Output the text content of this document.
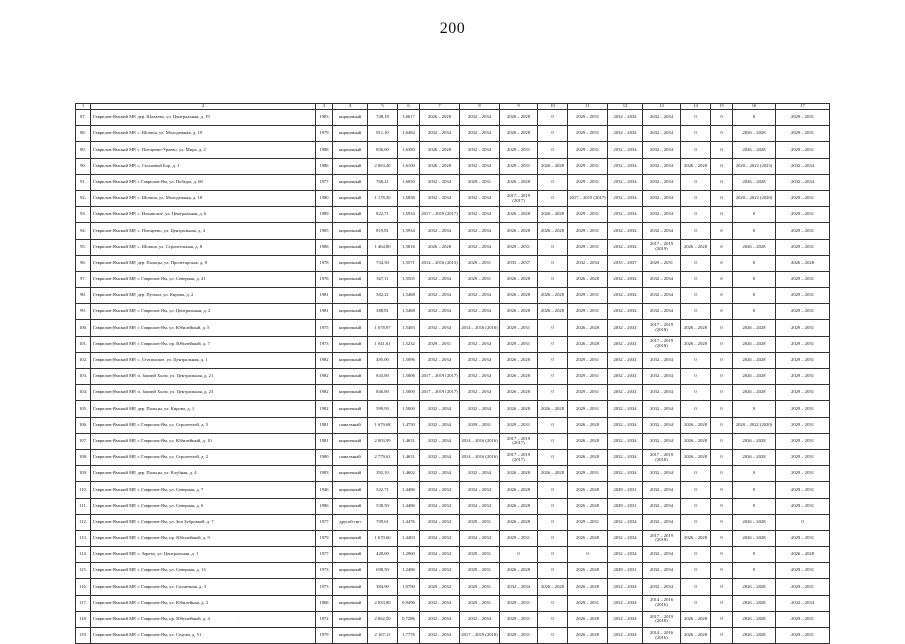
200
1	2	3	4	5	6	7	8	9	10	11	12	13	14	15	16	17
87.	Гаврилов-Ямский МР, дер. Шалаево, ул. Центральная, д. 19	1983	кирпичный	748,18	1,6617	2026 – 2028	2032 – 2034	2026 – 2028	0	2029 – 2031	2032 – 2034	2032 – 2034	0	0	0	2029 – 2031
88.	Гаврилов-Ямский МР, с. Шопша, ул. Молодежная, д. 19	1979	кирпичный	811,10	1,6484	2032 – 2034	2032 – 2034	2026 – 2028	0	2029 – 2031	2032 – 2034	2032 – 2034	0	0	2026 – 2028	2029 – 2031
89.	Гаврилов-Ямский МР, с. Плещеево-Ураево, ул. Мира, д. 2	1988	кирпичный	836,00	1,6380	2026 – 2028	2032 – 2034	2029 – 2031	0	2029 – 2031	2032 – 2034	2032 – 2034	0	0	2026 – 2028	2029 – 2031
90.	Гаврилов-Ямский МР, с. Сосновый Бор, д. 3	1986	кирпичный	2 063,40	1,6100	2026 – 2028	2032 – 2034	2029 – 2031	2026 – 2028	2029 – 2031	2032 – 2034	2032 – 2034	2026 – 2028	0	2020 – 2022 (2023)	2032 – 2034
91.	Гаврилов-Ямский МР, г. Гаврилов-Ям, ул. Победы, д. 68	1977	кирпичный	768,21	1,6050	2032 – 2034	2029 – 2031	2026 – 2028	0	2029 – 2031	2032 – 2034	2032 – 2034	0	0	2026 – 2028	2032 – 2034
92.	Гаврилов-Ямский МР, с. Шопша, ул. Молодежная, д. 18	1980	кирпичный	1 178,30	1,5838	2032 – 2034	2032 – 2034	2017 – 2019 (2017)	0	2017 – 2019 (2017)	2032 – 2034	2032 – 2034	0	0	2020 – 2022 (2020)	2029 – 2031
93.	Гаврилов-Ямский МР, с. Ильинское, ул. Центральная, д. 6	1989	кирпичный	822,71	1,5934	2017 – 2019 (2017)	2032 – 2034	2026 – 2028	2026 – 2028	2029 – 2031	2032 – 2034	2032 – 2034	0	0	0	2029 – 2031
94.	Гаврилов-Ямский МР, с. Плещеево, ул. Центральная, д. 4	1985	кирпичный	819,81	1,5934	2032 – 2034	2032 – 2034	2026 – 2028	2026 – 2028	2029 – 2031	2032 – 2034	2032 – 2034	0	0	0	2029 – 2031
95.	Гаврилов-Ямский МР, с. Шопша, ул. Строительная, д. 8	1986	кирпичный	1 464,80	1,5816	2026 – 2028	2032 – 2034	2029 – 2031	0	2029 – 2031	2032 – 2034	2017 – 2019 (2019)	2026 – 2028	0	2026 – 2028	2029 – 2031
96.	Гаврилов-Ямский МР, дер. Пальцы, ул. Пролетарская, д. 8	1978	кирпичный	734,50	1,5571	2014 – 2016 (2015)	2029 – 2031	2035 – 2037	0	2032 – 2034	2035 – 2037	2029 – 2031	0	0	0	2026 – 2028
97.	Гаврилов-Ямский МР, г. Гаврилов-Ям, ул. Северная, д. 41	1976	кирпичный	367,11	1,5505	2032 – 2034	2029 – 2031	2026 – 2028	0	2026 – 2028	2032 – 2034	2032 – 2034	0	0	0	2029 – 2031
98.	Гаврилов-Ямский МР, дер. Путьки, ул. Кирова, д. 2	1981	кирпичный	582,21	1,5468	2032 – 2034	2032 – 2034	2026 – 2028	2026 – 2028	2029 – 2031	2032 – 2034	2032 – 2034	0	0	0	2029 – 2031
99.	Гаврилов-Ямский МР, г. Гаврилов-Ям, ул. Центральная, д. 2	1981	кирпичный	388,81	1,5468	2032 – 2034	2032 – 2034	2026 – 2028	2026 – 2028	2029 – 2031	2032 – 2034	2032 – 2034	0	0	0	2029 – 2031
100.	Гаврилов-Ямский МР, г. Гаврилов-Ям, ул. Юбилейный, д. 5	1975	кирпичный	1 678,97	1,5483	2032 – 2034	2014 – 2016 (2016)	2029 – 2031	0	2026 – 2028	2032 – 2034	2017 – 2019 (2018)	2026 – 2028	0	2026 – 2028	2029 – 2031
101.	Гаврилов-Ямский МР, г. Гаврилов-Ям, пр. Юбилейный, д. 7	1973	кирпичный	1 041,61	1,5232	2029 – 2031	2032 – 2034	2029 – 2031	0	2026 – 2028	2032 – 2034	2017 – 2019 (2018)	2026 – 2028	0	2026 – 2028	2029 – 2031
102.	Гаврилов-Ямский МР, с. Стогинское, ул. Центральная, д. 1	1982	кирпичный	485,00	1,5096	2032 – 2034	2032 – 2034	2026 – 2028	0	2029 – 2031	2032 – 2034	2032 – 2034	0	0	2026 – 2028	2029 – 2031
103.	Гаврилов-Ямский МР, п. Заячий Холм, ул. Центральная, д. 21	1982	кирпичный	843,80	1,5006	2017 – 2019 (2017)	2032 – 2034	2026 – 2028	0	2029 – 2031	2032 – 2034	2032 – 2034	0	0	2026 – 2028	2029 – 2031
104.	Гаврилов-Ямский МР, п. Заячий Холм, ул. Центральная, д. 23	1982	кирпичный	846,80	1,5000	2017 – 2019 (2017)	2032 – 2034	2026 – 2028	0	2029 – 2031	2032 – 2034	2032 – 2034	0	0	2026 – 2028	2029 – 2031
105.	Гаврилов-Ямский МР, дер. Пальцы, ул. Кирова, д. 1	1982	кирпичный	599,93	1,5000	2032 – 2034	2032 – 2034	2026 – 2028	2026 – 2028	2029 – 2031	2032 – 2034	2032 – 2034	0	0	0	2029 – 2031
106.	Гаврилов-Ямский МР, г. Гаврилов-Ям, ул. Строителей, д. 5	1981	панельный	1 679,68	1,4750	2032 – 2034	2029 – 2031	2029 – 2031	0	2026 – 2028	2032 – 2034	2032 – 2034	2026 – 2028	0	2020 – 2022 (2020)	2029 – 2031
107.	Гаврилов-Ямский МР, г. Гаврилов-Ям, ул. Юбилейный, д. 10	1981	кирпичный	2 003,99	1,4651	2032 – 2034	2014 – 2016 (2016)	2017 – 2019 (2017)	0	2026 – 2028	2032 – 2034	2032 – 2034	2026 – 2028	0	2026 – 2028	2029 – 2031
108.	Гаврилов-Ямский МР, г. Гаврилов-Ям, ул. Строителей, д. 2	1980	панельный	2 779,61	1,4651	2032 – 2034	2014 – 2016 (2016)	2017 – 2019 (2017)	0	2026 – 2028	2032 – 2034	2017 – 2019 (2018)	2026 – 2028	0	2026 – 2028	2029 – 2031
109.	Гаврилов-Ямский МР, дер. Пальцы, ул. Клубная, д. 4	1983	кирпичный	392,10	1,4602	2032 – 2034	2032 – 2034	2026 – 2028	2026 – 2028	2029 – 2031	2032 – 2034	2032 – 2034	0	0	0	2029 – 2031
110.	Гаврилов-Ямский МР, г. Гаврилов-Ям, ул. Северная, д. 7	1946	кирпичный	522,71	1,4486	2032 – 2034	2032 – 2034	2026 – 2028	0	2026 – 2028	2029 – 2031	2032 – 2034	0	0	0	2029 – 2031
111.	Гаврилов-Ямский МР, г. Гаврилов-Ям, ул. Северная, д. 6	1986	кирпичный	538,50	1,4486	2032 – 2034	2032 – 2034	2026 – 2028	0	2026 – 2028	2029 – 2031	2032 – 2034	0	0	0	2029 – 2031
112.	Гаврилов-Ямский МР, г. Гаврилов-Ям, ул. Зои Зубровкой, д. 7	1977	другой тип	709,61	1,4476	2032 – 2034	2029 – 2031	2026 – 2028	0	2029 – 2031	2032 – 2034	2032 – 2034	0	0	2026 – 2028	0
113.	Гаврилов-Ямский МР, г. Гаврилов-Ям, пр. Юбилейный, д. 9	1979	кирпичный	1 670,60	1,4403	2032 – 2034	2032 – 2034	2029 – 2031	0	2026 – 2028	2032 – 2034	2017 – 2019 (2018)	2026 – 2028	0	2026 – 2028	2029 – 2031
114.	Гаврилов-Ямский МР, с. Зарево, ул. Центральная, д. 1	1977	кирпичный	428,00	1,2960	2032 – 2034	2029 – 2031	0	0	0	2032 – 2034	2032 – 2034	0	0	0	2026 – 2028
115.	Гаврилов-Ямский МР, г. Гаврилов-Ям, ул. Северная, д. 13	1973	кирпичный	698,50	1,2486	2032 – 2034	2029 – 2031	2026 – 2028	0	2026 – 2028	2029 – 2031	2032 – 2034	0	0	0	2029 – 2031
116.	Гаврилов-Ямский МР, г. Гаврилов-Ям, ул. Солнечная, д. 3	1973	кирпичный	384,90	1,0790	2029 – 2032	2029 – 2031	2032 – 2034	2026 – 2028	2026 – 2028	2032 – 2034	2032 – 2034	0	0	2026 – 2028	2029 – 2031
117.	Гаврилов-Ямский МР, г. Гаврилов-Ям, ул. Юбилейная, д. 3	1968	кирпичный	2 833,80	0,9496	2032 – 2034	2029 – 2031	2029 – 2031	0	2029 – 2031	2032 – 2034	2014 – 2016 (2016)	0	0	2026 – 2028	2032 – 2034
118.	Гаврилов-Ямский МР, г. Гаврилов-Ям, пр. Юбилейный, д. 4	1972	кирпичный	2 662,50	0,7286	2032 – 2034	2032 – 2034	2029 – 2031	0	2026 – 2028	2032 – 2034	2017 – 2019 (2018)	2026 – 2028	0	2026 – 2028	2029 – 2031
119.	Гаврилов-Ямский МР, г. Гаврилов-Ям, ул. Седова, д. 51	1979	кирпичный	2 167,11	1,7776	2032 – 2034	2017 – 2019 (2018)	2029 – 2031	0	2026 – 2028	2032 – 2034	2014 – 2016 (2016)	2026 – 2028	0	2026 – 2028	2029 – 2031
,
